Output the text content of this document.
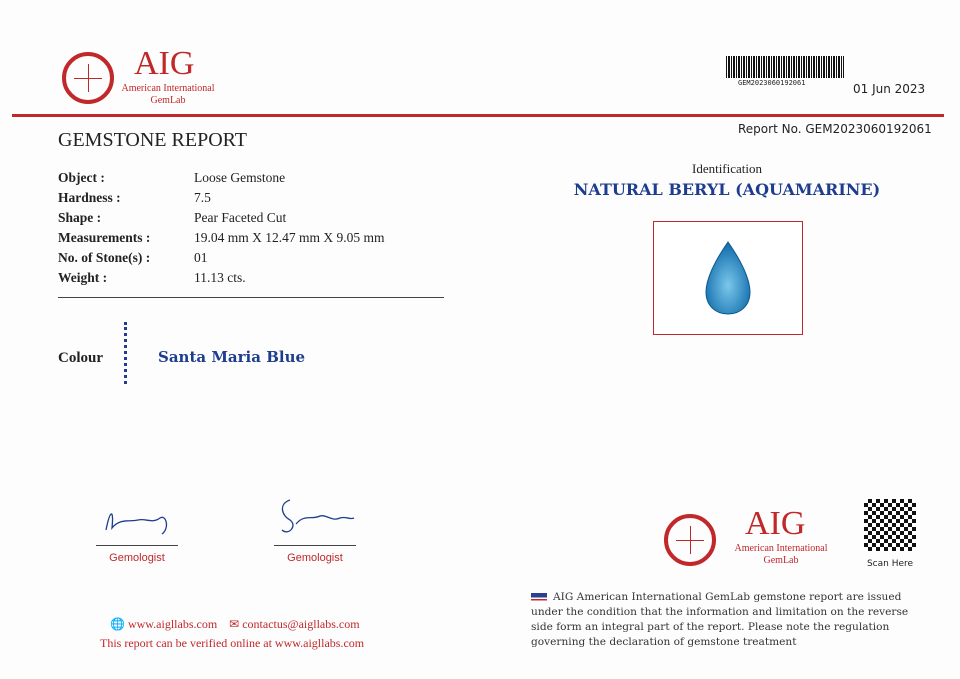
AIG
American International
GemLab
GEM2023060192061	01 Jun 2023
GEMSTONE REPORT	Report No. GEM2023060192061
Object :	Loose Gemstone
Hardness :	7.5
Shape :	Pear Faceted Cut
Measurements :	19.04 mm X 12.47 mm X 9.05 mm
No. of Stone(s) :	01
Weight :	11.13 cts.
Colour	Santa Maria Blue
Identification
NATURAL BERYL (AQUAMARINE)
Gemologist	Gemologist
AIG
American International
GemLab	Scan Here
AIG American International GemLab gemstone report are issued under the condition that the information and limitation on the reverse side form an integral part of the report. Please note the regulation governing the declaration of gemstone treatment
🌐 www.aigllabs.com    ✉ contactus@aigllabs.com
This report can be verified online at www.aigllabs.com
